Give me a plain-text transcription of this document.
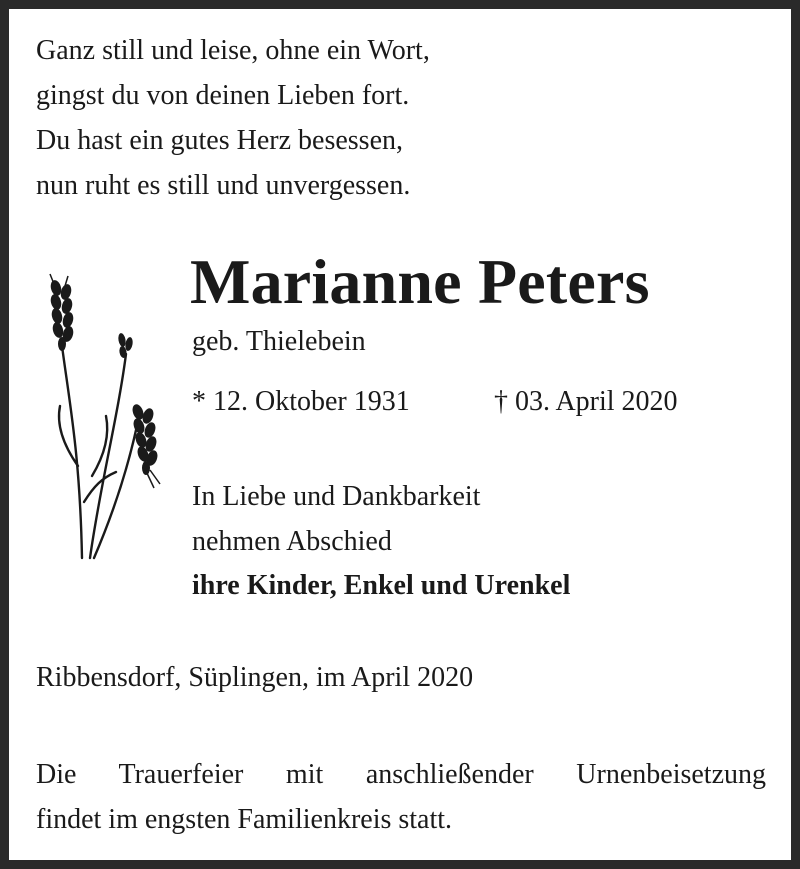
Ganz still und leise, ohne ein Wort,
gingst du von deinen Lieben fort.
Du hast ein gutes Herz besessen,
nun ruht es still und unvergessen.
Marianne Peters
geb. Thielebein
* 12. Oktober 1931	† 03. April 2020
In Liebe und Dankbarkeit
nehmen Abschied
ihre Kinder, Enkel und Urenkel
Ribbensdorf, Süplingen, im April 2020
Die Trauerfeier mit anschließender Urnenbeisetzung
findet im engsten Familienkreis statt.
